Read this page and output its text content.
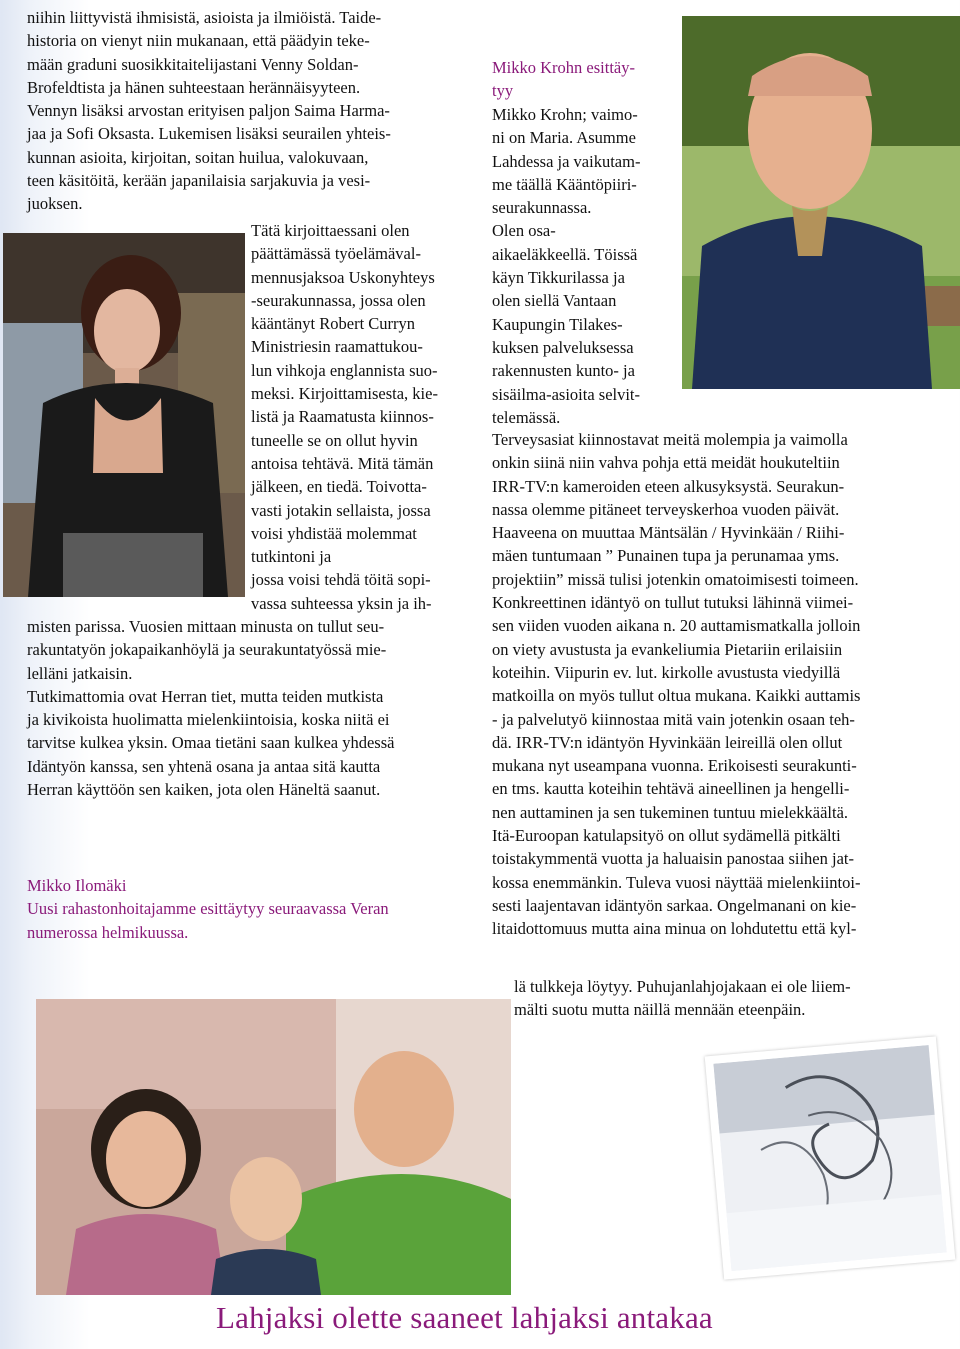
niihin liittyvistä ihmisistä, asioista ja ilmiöistä. Taide-
historia on vienyt niin mukanaan, että päädyin teke-
mään graduni suosikkitaitelijastani Venny Soldan-
Brofeldtista ja hänen suhteestaan herännäisyyteen.
Vennyn lisäksi arvostan erityisen paljon Saima Harma-
jaa ja Sofi Oksasta. Lukemisen lisäksi seurailen yhteis-
kunnan asioita, kirjoitan, soitan huilua, valokuvaan,
teen käsitöitä, kerään japanilaisia sarjakuvia ja vesi-
juoksen.
Tätä kirjoittaessani olen
päättämässä työelämäval-
mennusjaksoa Uskonyhteys
-seurakunnassa, jossa olen
kääntänyt Robert Curryn
Ministriesin raamattukou-
lun vihkoja englannista suo-
meksi. Kirjoittamisesta, kie-
listä ja Raamatusta kiinnos-
tuneelle se on ollut hyvin
antoisa tehtävä. Mitä tämän
jälkeen, en tiedä. Toivotta-
vasti jotakin sellaista, jossa
voisi yhdistää molemmat
tutkintoni ja
jossa voisi tehdä töitä sopi-
vassa suhteessa yksin ja ih-
misten parissa. Vuosien mittaan minusta on tullut seu-
rakuntatyön jokapaikanhöylä ja seurakuntatyössä mie-
lelläni jatkaisin.
Tutkimattomia ovat Herran tiet, mutta teiden mutkista
ja kivikoista huolimatta mielenkiintoisia, koska niitä ei
tarvitse kulkea yksin. Omaa tietäni saan kulkea yhdessä
Idäntyön kanssa, sen yhtenä osana ja antaa sitä kautta
Herran käyttöön sen kaiken, jota olen Häneltä saanut.
Mikko Ilomäki
Uusi rahastonhoitajamme esittäytyy seuraavassa Veran
numerossa helmikuussa.
Mikko Krohn esittäy-
tyy
Mikko Krohn; vaimo-
ni on Maria. Asumme
Lahdessa ja vaikutam-
me täällä Kääntöpiiri-
seurakunnassa.
Olen osa-
aikaeläkkeellä. Töissä
käyn Tikkurilassa ja
olen siellä Vantaan
Kaupungin Tilakes-
kuksen palveluksessa
rakennusten kunto- ja
sisäilma-asioita selvit-
telemässä.
Terveysasiat kiinnostavat meitä molempia ja vaimolla
onkin siinä niin vahva pohja että meidät houkuteltiin
IRR-TV:n kameroiden eteen alkusyksystä. Seurakun-
nassa olemme pitäneet terveyskerhoa vuoden päivät.
Haaveena on muuttaa Mäntsälän / Hyvinkään / Riihi-
mäen tuntumaan ” Punainen tupa ja perunamaa yms.
projektiin” missä tulisi jotenkin omatoimisesti toimeen.
Konkreettinen idäntyö on tullut tutuksi lähinnä viimei-
sen viiden vuoden aikana n. 20 auttamismatkalla jolloin
on viety avustusta ja evankeliumia Pietariin erilaisiin
koteihin. Viipurin ev. lut. kirkolle avustusta viedyillä
matkoilla on myös tullut oltua mukana. Kaikki auttamis
- ja palvelutyö kiinnostaa mitä vain jotenkin osaan teh-
dä. IRR-TV:n idäntyön Hyvinkään leireillä olen ollut
mukana nyt useampana vuonna. Erikoisesti seurakunti-
en tms. kautta koteihin tehtävä aineellinen ja hengelli-
nen auttaminen ja sen tukeminen tuntuu mielekkäältä.
Itä-Euroopan katulapsityö on ollut sydämellä pitkälti
toistakymmentä vuotta ja haluaisin panostaa siihen jat-
kossa enemmänkin. Tuleva vuosi näyttää mielenkiintoi-
sesti laajentavan idäntyön sarkaa. Ongelmanani on kie-
litaidottomuus mutta aina minua on lohdutettu että kyl-
lä tulkkeja löytyy. Puhujanlahjojakaan ei ole liiem-
mälti suotu mutta näillä mennään eteenpäin.
Lahjaksi olette saaneet lahjaksi antakaa
